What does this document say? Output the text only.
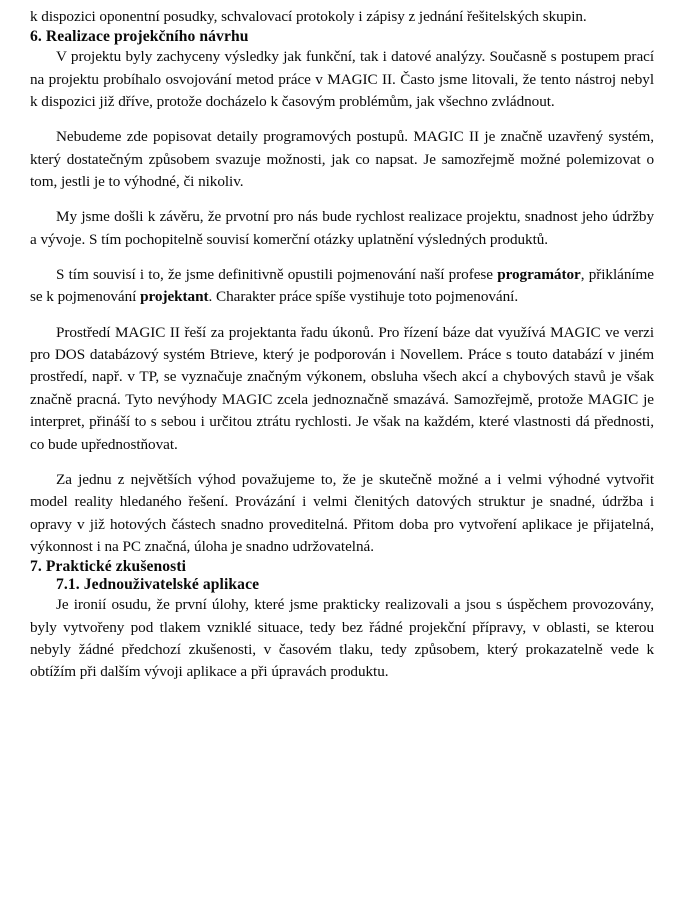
k dispozici oponentní posudky, schvalovací protokoly i zápisy z jednání řešitelských skupin.

6. Realizace projekčního návrhu

V projektu byly zachyceny výsledky jak funkční, tak i datové analýzy. Současně s postupem prací na projektu probíhalo osvojování metod práce v MAGIC II. Často jsme litovali, že tento nástroj nebyl k dispozici již dříve, protože docházelo k časovým problémům, jak všechno zvládnout.

Nebudeme zde popisovat detaily programových postupů. MAGIC II je značně uzavřený systém, který dostatečným způsobem svazuje možnosti, jak co napsat. Je samozřejmě možné polemizovat o tom, jestli je to výhodné, či nikoliv.

My jsme došli k závěru, že prvotní pro nás bude rychlost realizace projektu, snadnost jeho údržby a vývoje. S tím pochopitelně souvisí komerční otázky uplatnění výsledných produktů.

S tím souvisí i to, že jsme definitivně opustili pojmenování naší profese programátor, přikláníme se k pojmenování projektant. Charakter práce spíše vystihuje toto pojmenování.

Prostředí MAGIC II řeší za projektanta řadu úkonů. Pro řízení báze dat využívá MAGIC ve verzi pro DOS databázový systém Btrieve, který je podporován i Novellem. Práce s touto databází v jiném prostředí, např. v TP, se vyznačuje značným výkonem, obsluha všech akcí a chybových stavů je však značně pracná. Tyto nevýhody MAGIC zcela jednoznačně smazává. Samozřejmě, protože MAGIC je interpret, přináší to s sebou i určitou ztrátu rychlosti. Je však na každém, které vlastnosti dá přednosti, co bude upřednostňovat.

Za jednu z největších výhod považujeme to, že je skutečně možné a i velmi výhodné vytvořit model reality hledaného řešení. Provázání i velmi členitých datových struktur je snadné, údržba i opravy v již hotových částech snadno proveditelná. Přitom doba pro vytvoření aplikace je přijatelná, výkonnost i na PC značná, úloha je snadno udržovatelná.

7. Praktické zkušenosti
7.1. Jednouživatelské aplikace

Je ironií osudu, že první úlohy, které jsme prakticky realizovali a jsou s úspěchem provozovány, byly vytvořeny pod tlakem vzniklé situace, tedy bez řádné projekční přípravy, v oblasti, se kterou nebyly žádné předchozí zkušenosti, v časovém tlaku, tedy způsobem, který prokazatelně vede k obtížím při dalším vývoji aplikace a při úpravách produktu.
